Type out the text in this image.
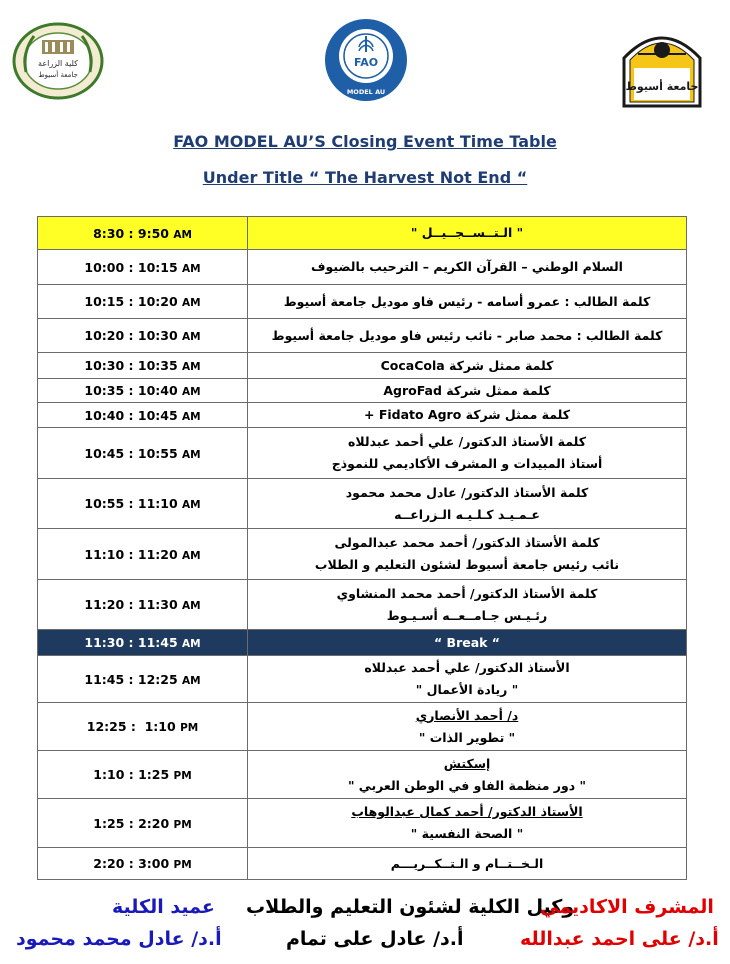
كلية الزراعة
جامعة أسيوط
FAO
MODEL AU	جامعة أسيوط
FAO MODEL AU’S Closing Event Time Table
Under Title “ The Harvest Not End “
8:30 : 9:50 AM	" الـتــســجــيــل "

10:00 : 10:15 AM	السلام الوطني – القرآن الكريم – الترحيب بالضيوف

10:15 : 10:20 AM	كلمة الطالب : عمرو أسامه - رئيس فاو موديل جامعة أسيوط

10:20 : 10:30 AM	كلمة الطالب : محمد صابر - نائب رئيس فاو موديل جامعة أسيوط

10:30 : 10:35 AM	كلمة ممثل شركة CocaCola

10:35 : 10:40 AM	كلمة ممثل شركة AgroFad

10:40 : 10:45 AM	كلمة ممثل شركة Fidato Agro +

10:45 : 10:55 AM	كلمة الأستاذ الدكتور/ علي أحمد عبدللاه
أستاذ المبيدات و المشرف الأكاديمي للنموذج

10:55 : 11:10 AM	كلمة الأستاذ الدكتور/ عادل محمد محمود
عـمـيـد كـلـيـه الـزراعــه

11:10 : 11:20 AM	كلمة الأستاذ الدكتور/ أحمد محمد عبدالمولى
نائب رئيس جامعة أسيوط لشئون التعليم و الطلاب

11:20 : 11:30 AM	كلمة الأستاذ الدكتور/ أحمد محمد المنشاوي
رئـيـس جـامــعــه أسـيـوط

11:30 : 11:45 AM	“ Break “

11:45 : 12:25 AM	الأستاذ الدكتور/ علي أحمد عبدللاه
" ريادة الأعمال "

12:25 :  1:10 PM	د/ أحمد الأنصاري
" تطوير الذات "

1:10 : 1:25 PM	إسكتش
" دور منظمة الفاو في الوطن العربي "

1:25 : 2:20 PM	الأستاذ الدكتور/ أحمد كمال عبدالوهاب
" الصحة النفسية "

2:20 : 3:00 PM	الـخــتــام و الـتــكــريـــم
عميد الكلية
أ.د/ عادل محمد محمود
وكيل الكلية لشئون التعليم والطلاب
أ.د/ عادل على تمام
المشرف الاكاديمي
أ.د/ على احمد عبدالله
